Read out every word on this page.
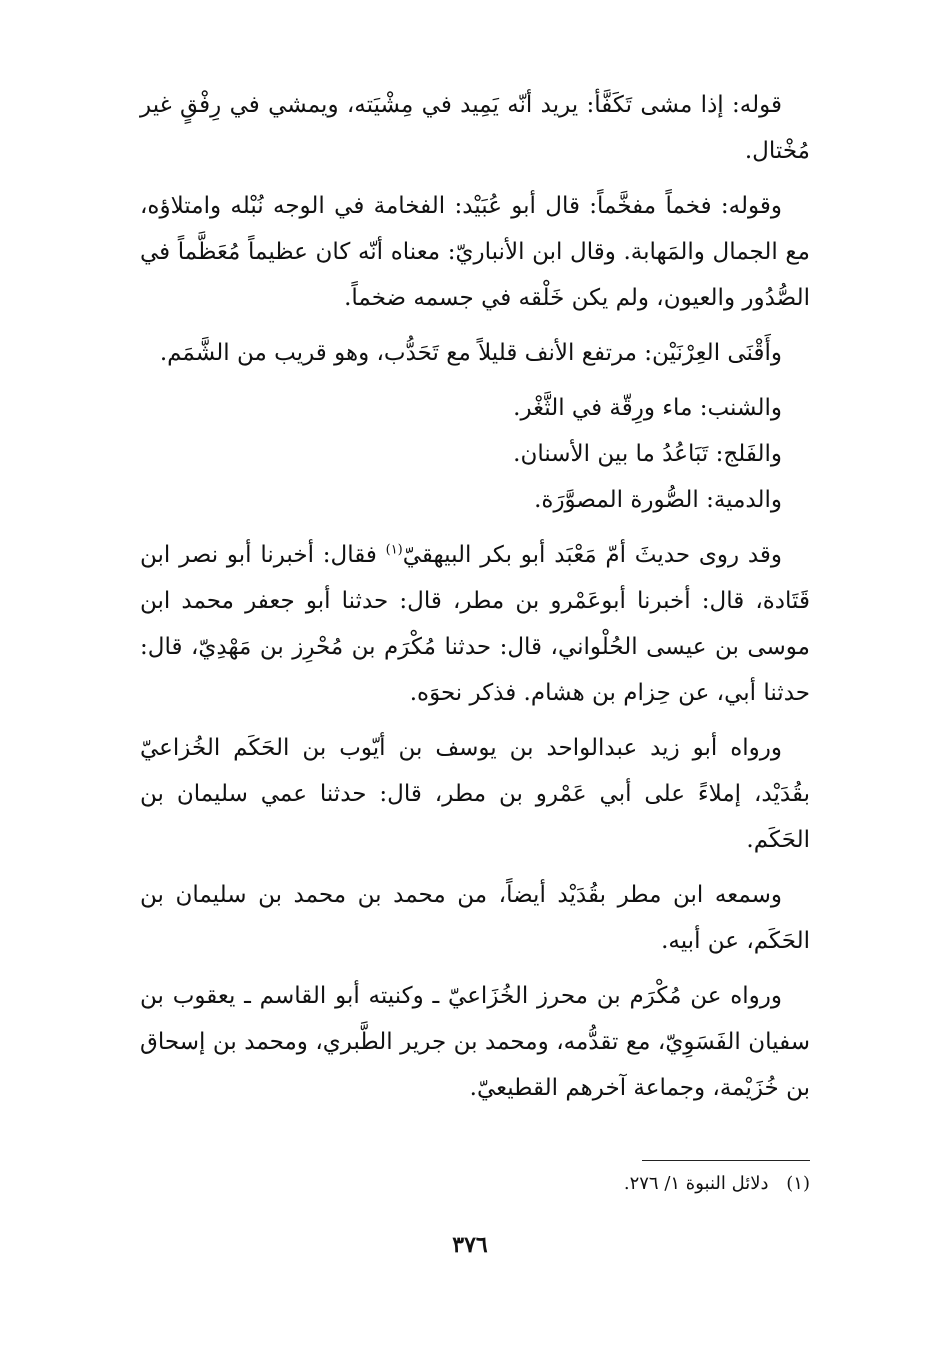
قوله: إذا مشى تَكَفَّأ: يريد أنّه يَمِيد في مِشْيَته، ويمشي في رِفْقٍ غير مُخْتال.

وقوله: فخماً مفخَّماً: قال أبو عُبَيْد: الفخامة في الوجه نُبْله وامتلاؤه، مع الجمال والمَهابة. وقال ابن الأنباريّ: معناه أنّه كان عظيماً مُعَظَّماً في الصُّدُور والعيون، ولم يكن خَلْقه في جسمه ضخماً.

وأَقْنَى العِرْنَيْن: مرتفع الأنف قليلاً مع تَحَدُّب، وهو قريب من الشَّمَم.

والشنب: ماء ورِقّة في الثَّغْر.

والفَلج: تَبَاعُدُ ما بين الأسنان.

والدمية: الصُّورة المصوَّرَة.

وقد روى حديثَ أمّ مَعْبَد أبو بكر البيهقيّ$^{(١)}$ فقال: أخبرنا أبو نصر ابن قَتَادة، قال: أخبرنا أبوعَمْرو بن مطر، قال: حدثنا أبو جعفر محمد ابن موسى بن عيسى الحُلْواني، قال: حدثنا مُكْرَم بن مُحْرِز بن مَهْدِيّ، قال: حدثنا أبي، عن حِزام بن هشام. فذكر نحوَه.

ورواه أبو زيد عبدالواحد بن يوسف بن أيّوب بن الحَكَم الخُزاعيّ بقُدَيْد، إملاءً على أبي عَمْرو بن مطر، قال: حدثنا عمي سليمان بن الحَكَم.

وسمعه ابن مطر بقُدَيْد أيضاً، من محمد بن محمد بن سليمان بن الحَكَم، عن أبيه.

ورواه عن مُكْرَم بن محرز الخُزَاعيّ ـ وكنيته أبو القاسم ـ يعقوب بن سفيان الفَسَوِيّ، مع تقدُّمه، ومحمد بن جرير الطَّبري، ومحمد بن إسحاق بن خُزَيْمة، وجماعة آخرهم القطيعيّ.

(١) دلائل النبوة ١/ ٢٧٦.
٣٧٦
